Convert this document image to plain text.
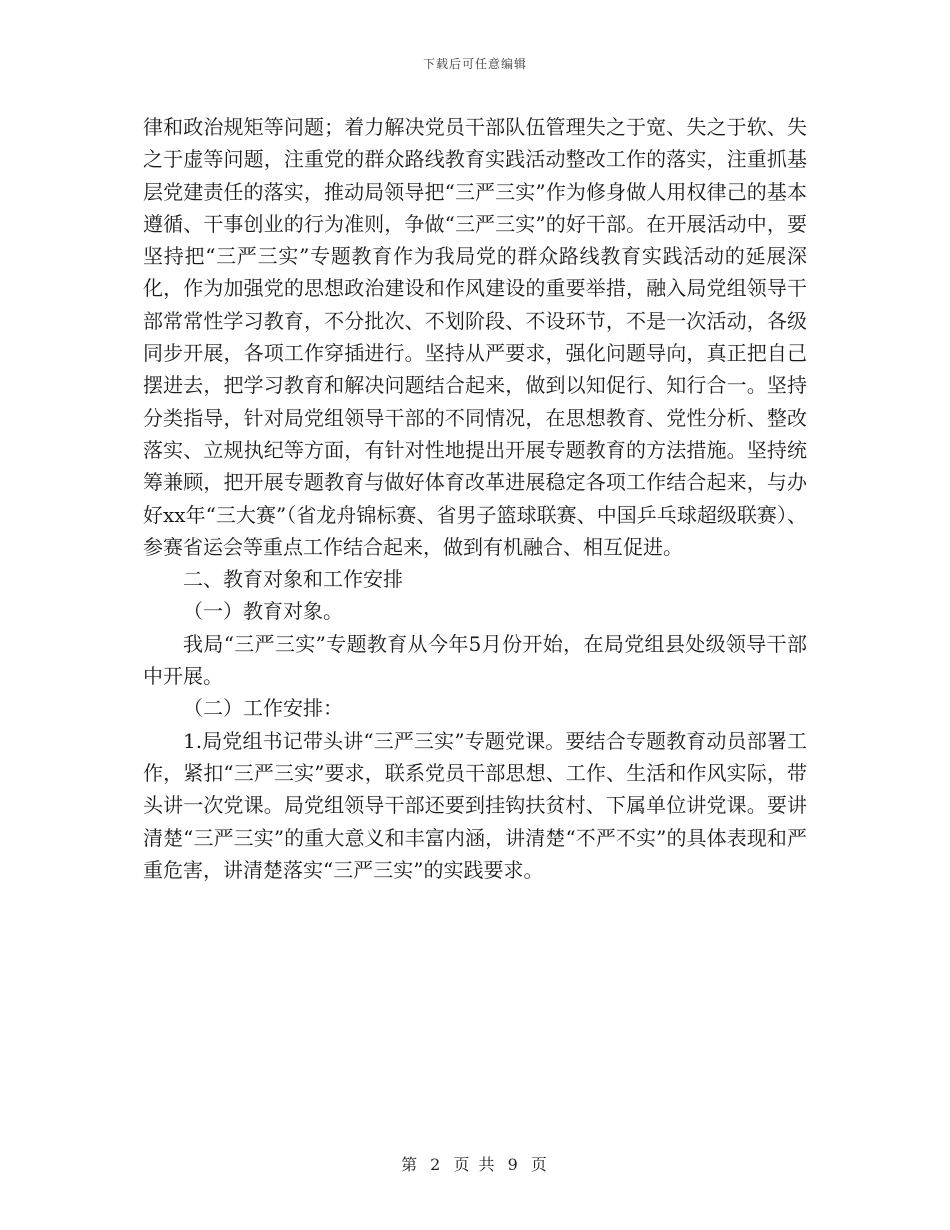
下载后可任意编辑

律和政治规矩等问题；着力解决党员干部队伍管理失之于宽、失之于软、失之于虚等问题，注重党的群众路线教育实践活动整改工作的落实，注重抓基层党建责任的落实，推动局领导把“三严三实”作为修身做人用权律己的基本遵循、干事创业的行为准则，争做“三严三实”的好干部。在开展活动中，要坚持把“三严三实”专题教育作为我局党的群众路线教育实践活动的延展深化，作为加强党的思想政治建设和作风建设的重要举措，融入局党组领导干部常常性学习教育，不分批次、不划阶段、不设环节，不是一次活动，各级同步开展，各项工作穿插进行。坚持从严要求，强化问题导向，真正把自己摆进去，把学习教育和解决问题结合起来，做到以知促行、知行合一。坚持分类指导，针对局党组领导干部的不同情况，在思想教育、党性分析、整改落实、立规执纪等方面，有针对性地提出开展专题教育的方法措施。坚持统筹兼顾，把开展专题教育与做好体育改革进展稳定各项工作结合起来，与办好xx年“三大赛”（省龙舟锦标赛、省男子篮球联赛、中国乒乓球超级联赛）、参赛省运会等重点工作结合起来，做到有机融合、相互促进。

二、教育对象和工作安排

（一）教育对象。

我局“三严三实”专题教育从今年5月份开始，在局党组县处级领导干部中开展。

（二）工作安排：

1.局党组书记带头讲“三严三实”专题党课。要结合专题教育动员部署工作，紧扣“三严三实”要求，联系党员干部思想、工作、生活和作风实际，带头讲一次党课。局党组领导干部还要到挂钩扶贫村、下属单位讲党课。要讲清楚“三严三实”的重大意义和丰富内涵，讲清楚“不严不实”的具体表现和严重危害，讲清楚落实“三严三实”的实践要求。

第 2 页 共 9 页
